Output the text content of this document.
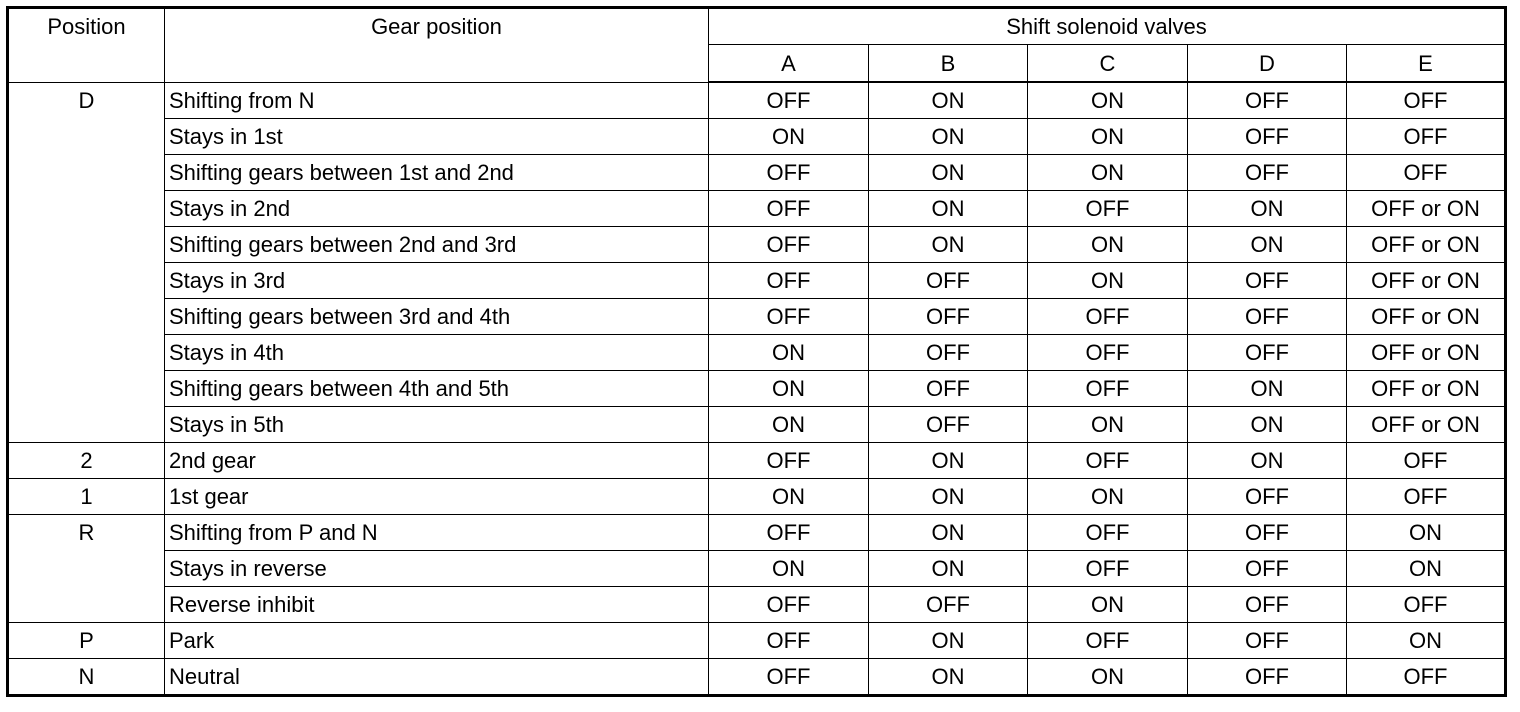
Position	Gear position	Shift solenoid valves				
		A	B	C	D	E
D	Shifting from N	OFF	ON	ON	OFF	OFF
	Stays in 1st	ON	ON	ON	OFF	OFF
	Shifting gears between 1st and 2nd	OFF	ON	ON	OFF	OFF
	Stays in 2nd	OFF	ON	OFF	ON	OFF or ON
	Shifting gears between 2nd and 3rd	OFF	ON	ON	ON	OFF or ON
	Stays in 3rd	OFF	OFF	ON	OFF	OFF or ON
	Shifting gears between 3rd and 4th	OFF	OFF	OFF	OFF	OFF or ON
	Stays in 4th	ON	OFF	OFF	OFF	OFF or ON
	Shifting gears between 4th and 5th	ON	OFF	OFF	ON	OFF or ON
	Stays in 5th	ON	OFF	ON	ON	OFF or ON
2	2nd gear	OFF	ON	OFF	ON	OFF
1	1st gear	ON	ON	ON	OFF	OFF
R	Shifting from P and N	OFF	ON	OFF	OFF	ON
	Stays in reverse	ON	ON	OFF	OFF	ON
	Reverse inhibit	OFF	OFF	ON	OFF	OFF
P	Park	OFF	ON	OFF	OFF	ON
N	Neutral	OFF	ON	ON	OFF	OFF
